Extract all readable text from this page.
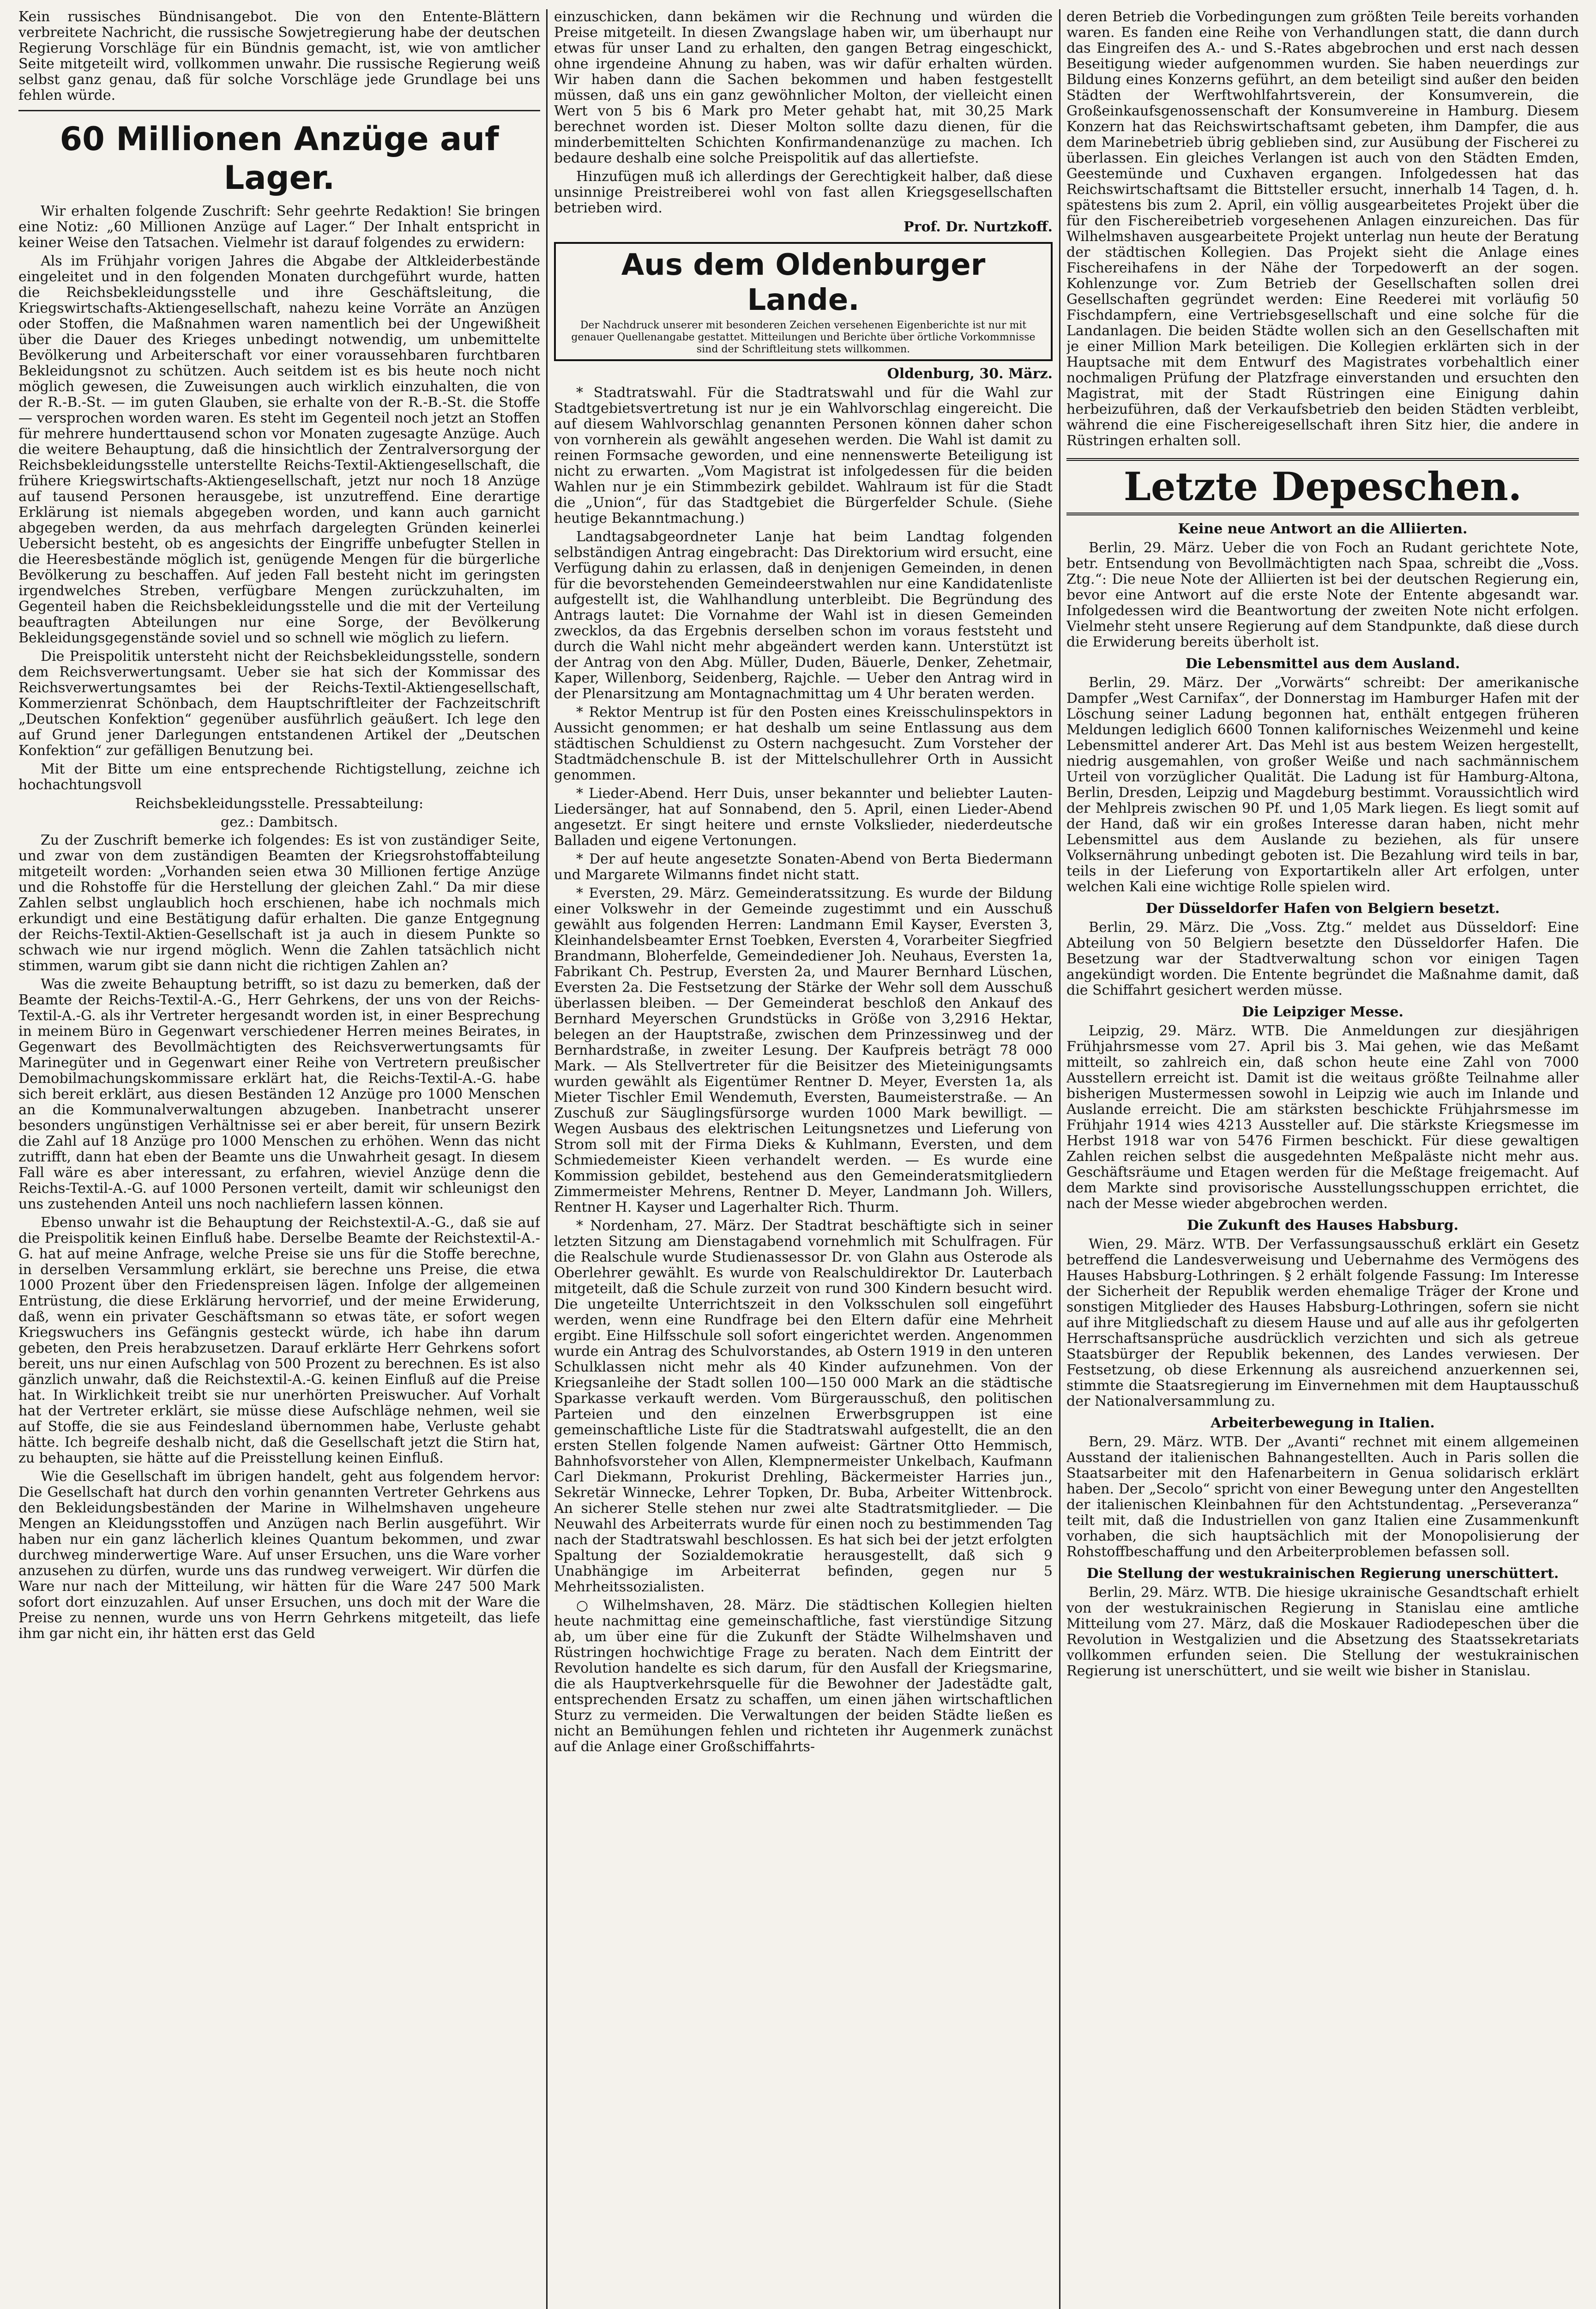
Kein russisches Bündnisangebot. Die von den Entente-Blättern verbreitete Nachricht, die russische Sowjetregierung habe der deutschen Regierung Vorschläge für ein Bündnis gemacht, ist, wie von amtlicher Seite mitgeteilt wird, vollkommen unwahr. Die russische Regierung weiß selbst ganz genau, daß für solche Vorschläge jede Grundlage bei uns fehlen würde.

60 Millionen Anzüge auf Lager.

Wir erhalten folgende Zuschrift: Sehr geehrte Redaktion! Sie bringen eine Notiz: „60 Millionen Anzüge auf Lager.“ Der Inhalt entspricht in keiner Weise den Tatsachen. Vielmehr ist darauf folgendes zu erwidern:

Als im Frühjahr vorigen Jahres die Abgabe der Altkleiderbestände eingeleitet und in den folgenden Monaten durchgeführt wurde, hatten die Reichsbekleidungsstelle und ihre Geschäftsleitung, die Kriegswirtschafts-Aktiengesellschaft, nahezu keine Vorräte an Anzügen oder Stoffen, die Maßnahmen waren namentlich bei der Ungewißheit über die Dauer des Krieges unbedingt notwendig, um unbemittelte Bevölkerung und Arbeiterschaft vor einer voraussehbaren furchtbaren Bekleidungsnot zu schützen. Auch seitdem ist es bis heute noch nicht möglich gewesen, die Zuweisungen auch wirklich einzuhalten, die von der R.-B.-St. — im guten Glauben, sie erhalte von der R.-B.-St. die Stoffe — versprochen worden waren. Es steht im Gegenteil noch jetzt an Stoffen für mehrere hunderttausend schon vor Monaten zugesagte Anzüge. Auch die weitere Behauptung, daß die hinsichtlich der Zentralversorgung der Reichsbekleidungsstelle unterstellte Reichs-Textil-Aktiengesellschaft, die frühere Kriegswirtschafts-Aktiengesellschaft, jetzt nur noch 18 Anzüge auf tausend Personen herausgebe, ist unzutreffend. Eine derartige Erklärung ist niemals abgegeben worden, und kann auch garnicht abgegeben werden, da aus mehrfach dargelegten Gründen keinerlei Uebersicht besteht, ob es angesichts der Eingriffe unbefugter Stellen in die Heeresbestände möglich ist, genügende Mengen für die bürgerliche Bevölkerung zu beschaffen. Auf jeden Fall besteht nicht im geringsten irgendwelches Streben, verfügbare Mengen zurückzuhalten, im Gegenteil haben die Reichsbekleidungsstelle und die mit der Verteilung beauftragten Abteilungen nur eine Sorge, der Bevölkerung Bekleidungsgegenstände soviel und so schnell wie möglich zu liefern.

Die Preispolitik untersteht nicht der Reichsbekleidungsstelle, sondern dem Reichsverwertungsamt. Ueber sie hat sich der Kommissar des Reichsverwertungsamtes bei der Reichs-Textil-Aktiengesellschaft, Kommerzienrat Schönbach, dem Hauptschriftleiter der Fachzeitschrift „Deutschen Konfektion“ gegenüber ausführlich geäußert. Ich lege den auf Grund jener Darlegungen entstandenen Artikel der „Deutschen Konfektion“ zur gefälligen Benutzung bei.

Mit der Bitte um eine entsprechende Richtigstellung, zeichne ich hochachtungsvoll

Reichsbekleidungsstelle. Pressabteilung:
gez.: Dambitsch.

Zu der Zuschrift bemerke ich folgendes: Es ist von zuständiger Seite, und zwar von dem zuständigen Beamten der Kriegsrohstoffabteilung mitgeteilt worden: „Vorhanden seien etwa 30 Millionen fertige Anzüge und die Rohstoffe für die Herstellung der gleichen Zahl.“ Da mir diese Zahlen selbst unglaublich hoch erschienen, habe ich nochmals mich erkundigt und eine Bestätigung dafür erhalten. Die ganze Entgegnung der Reichs-Textil-Aktien-Gesellschaft ist ja auch in diesem Punkte so schwach wie nur irgend möglich. Wenn die Zahlen tatsächlich nicht stimmen, warum gibt sie dann nicht die richtigen Zahlen an?

Was die zweite Behauptung betrifft, so ist dazu zu bemerken, daß der Beamte der Reichs-Textil-A.-G., Herr Gehrkens, der uns von der Reichs-Textil-A.-G. als ihr Vertreter hergesandt worden ist, in einer Besprechung in meinem Büro in Gegenwart verschiedener Herren meines Beirates, in Gegenwart des Bevollmächtigten des Reichsverwertungsamts für Marinegüter und in Gegenwart einer Reihe von Vertretern preußischer Demobilmachungskommissare erklärt hat, die Reichs-Textil-A.-G. habe sich bereit erklärt, aus diesen Beständen 12 Anzüge pro 1000 Menschen an die Kommunalverwaltungen abzugeben. Inanbetracht unserer besonders ungünstigen Verhältnisse sei er aber bereit, für unsern Bezirk die Zahl auf 18 Anzüge pro 1000 Menschen zu erhöhen. Wenn das nicht zutrifft, dann hat eben der Beamte uns die Unwahrheit gesagt. In diesem Fall wäre es aber interessant, zu erfahren, wieviel Anzüge denn die Reichs-Textil-A.-G. auf 1000 Personen verteilt, damit wir schleunigst den uns zustehenden Anteil uns noch nachliefern lassen können.

Ebenso unwahr ist die Behauptung der Reichstextil-A.-G., daß sie auf die Preispolitik keinen Einfluß habe. Derselbe Beamte der Reichstextil-A.-G. hat auf meine Anfrage, welche Preise sie uns für die Stoffe berechne, in derselben Versammlung erklärt, sie berechne uns Preise, die etwa 1000 Prozent über den Friedenspreisen lägen. Infolge der allgemeinen Entrüstung, die diese Erklärung hervorrief, und der meine Erwiderung, daß, wenn ein privater Geschäftsmann so etwas täte, er sofort wegen Kriegswuchers ins Gefängnis gesteckt würde, ich habe ihn darum gebeten, den Preis herabzusetzen. Darauf erklärte Herr Gehrkens sofort bereit, uns nur einen Aufschlag von 500 Prozent zu berechnen. Es ist also gänzlich unwahr, daß die Reichstextil-A.-G. keinen Einfluß auf die Preise hat. In Wirklichkeit treibt sie nur unerhörten Preiswucher. Auf Vorhalt hat der Vertreter erklärt, sie müsse diese Aufschläge nehmen, weil sie auf Stoffe, die sie aus Feindesland übernommen habe, Verluste gehabt hätte. Ich begreife deshalb nicht, daß die Gesellschaft jetzt die Stirn hat, zu behaupten, sie hätte auf die Preisstellung keinen Einfluß.

Wie die Gesellschaft im übrigen handelt, geht aus folgendem hervor: Die Gesellschaft hat durch den vorhin genannten Vertreter Gehrkens aus den Bekleidungsbeständen der Marine in Wilhelmshaven ungeheure Mengen an Kleidungsstoffen und Anzügen nach Berlin ausgeführt. Wir haben nur ein ganz lächerlich kleines Quantum bekommen, und zwar durchweg minderwertige Ware. Auf unser Ersuchen, uns die Ware vorher anzusehen zu dürfen, wurde uns das rundweg verweigert. Wir dürfen die Ware nur nach der Mitteilung, wir hätten für die Ware 247 500 Mark sofort dort einzuzahlen. Auf unser Ersuchen, uns doch mit der Ware die Preise zu nennen, wurde uns von Herrn Gehrkens mitgeteilt, das liefe ihm gar nicht ein, ihr hätten erst das Geld

einzuschicken, dann bekämen wir die Rechnung und würden die Preise mitgeteilt. In diesen Zwangslage haben wir, um überhaupt nur etwas für unser Land zu erhalten, den gangen Betrag eingeschickt, ohne irgendeine Ahnung zu haben, was wir dafür erhalten würden. Wir haben dann die Sachen bekommen und haben festgestellt müssen, daß uns ein ganz gewöhnlicher Molton, der vielleicht einen Wert von 5 bis 6 Mark pro Meter gehabt hat, mit 30,25 Mark berechnet worden ist. Dieser Molton sollte dazu dienen, für die minderbemittelten Schichten Konfirmandenanzüge zu machen. Ich bedaure deshalb eine solche Preispolitik auf das allertiefste.

Hinzufügen muß ich allerdings der Gerechtigkeit halber, daß diese unsinnige Preistreiberei wohl von fast allen Kriegsgesellschaften betrieben wird.

Prof. Dr. Nurtzkoff.
Aus dem Oldenburger Lande.

Der Nachdruck unserer mit besonderen Zeichen versehenen Eigenberichte ist nur mit genauer Quellenangabe gestattet. Mitteilungen und Berichte über örtliche Vorkommnisse sind der Schriftleitung stets willkommen.

Oldenburg, 30. März.

* Stadtratswahl. Für die Stadtratswahl und für die Wahl zur Stadtgebietsvertretung ist nur je ein Wahlvorschlag eingereicht. Die auf diesem Wahlvorschlag genannten Personen können daher schon von vornherein als gewählt angesehen werden. Die Wahl ist damit zu reinen Formsache geworden, und eine nennenswerte Beteiligung ist nicht zu erwarten. „Vom Magistrat ist infolgedessen für die beiden Wahlen nur je ein Stimmbezirk gebildet. Wahlraum ist für die Stadt die „Union“, für das Stadtgebiet die Bürgerfelder Schule. (Siehe heutige Bekanntmachung.)

Landtagsabgeordneter Lanje hat beim Landtag folgenden selbständigen Antrag eingebracht: Das Direktorium wird ersucht, eine Verfügung dahin zu erlassen, daß in denjenigen Gemeinden, in denen für die bevorstehenden Gemeindeerstwahlen nur eine Kandidatenliste aufgestellt ist, die Wahlhandlung unterbleibt. Die Begründung des Antrags lautet: Die Vornahme der Wahl ist in diesen Gemeinden zwecklos, da das Ergebnis derselben schon im voraus feststeht und durch die Wahl nicht mehr abgeändert werden kann. Unterstützt ist der Antrag von den Abg. Müller, Duden, Bäuerle, Denker, Zehetmair, Kaper, Willenborg, Seidenberg, Rajchle. — Ueber den Antrag wird in der Plenarsitzung am Montagnachmittag um 4 Uhr beraten werden.

* Rektor Mentrup ist für den Posten eines Kreisschulinspektors in Aussicht genommen; er hat deshalb um seine Entlassung aus dem städtischen Schuldienst zu Ostern nachgesucht. Zum Vorsteher der Stadtmädchenschule B. ist der Mittelschullehrer Orth in Aussicht genommen.

* Lieder-Abend. Herr Duis, unser bekannter und beliebter Lauten-Liedersänger, hat auf Sonnabend, den 5. April, einen Lieder-Abend angesetzt. Er singt heitere und ernste Volkslieder, niederdeutsche Balladen und eigene Vertonungen.

* Der auf heute angesetzte Sonaten-Abend von Berta Biedermann und Margarete Wilmanns findet nicht statt.

* Eversten, 29. März. Gemeinderatssitzung. Es wurde der Bildung einer Volkswehr in der Gemeinde zugestimmt und ein Ausschuß gewählt aus folgenden Herren: Landmann Emil Kayser, Eversten 3, Kleinhandelsbeamter Ernst Toebken, Eversten 4, Vorarbeiter Siegfried Brandmann, Bloherfelde, Gemeindediener Joh. Neuhaus, Eversten 1a, Fabrikant Ch. Pestrup, Eversten 2a, und Maurer Bernhard Lüschen, Eversten 2a. Die Festsetzung der Stärke der Wehr soll dem Ausschuß überlassen bleiben. — Der Gemeinderat beschloß den Ankauf des Bernhard Meyerschen Grundstücks in Größe von 3,2916 Hektar, belegen an der Hauptstraße, zwischen dem Prinzessinweg und der Bernhardstraße, in zweiter Lesung. Der Kaufpreis beträgt 78 000 Mark. — Als Stellvertreter für die Beisitzer des Mieteinigungsamts wurden gewählt als Eigentümer Rentner D. Meyer, Eversten 1a, als Mieter Tischler Emil Wendemuth, Eversten, Baumeisterstraße. — An Zuschuß zur Säuglingsfürsorge wurden 1000 Mark bewilligt. — Wegen Ausbaus des elektrischen Leitungsnetzes und Lieferung von Strom soll mit der Firma Dieks & Kuhlmann, Eversten, und dem Schmiedemeister Kieen verhandelt werden. — Es wurde eine Kommission gebildet, bestehend aus den Gemeinderatsmitgliedern Zimmermeister Mehrens, Rentner D. Meyer, Landmann Joh. Willers, Rentner H. Kayser und Lagerhalter Rich. Thurm.

* Nordenham, 27. März. Der Stadtrat beschäftigte sich in seiner letzten Sitzung am Dienstagabend vornehmlich mit Schulfragen. Für die Realschule wurde Studienassessor Dr. von Glahn aus Osterode als Oberlehrer gewählt. Es wurde von Realschuldirektor Dr. Lauterbach mitgeteilt, daß die Schule zurzeit von rund 300 Kindern besucht wird. Die ungeteilte Unterrichtszeit in den Volksschulen soll eingeführt werden, wenn eine Rundfrage bei den Eltern dafür eine Mehrheit ergibt. Eine Hilfsschule soll sofort eingerichtet werden. Angenommen wurde ein Antrag des Schulvorstandes, ab Ostern 1919 in den unteren Schulklassen nicht mehr als 40 Kinder aufzunehmen. Von der Kriegsanleihe der Stadt sollen 100—150 000 Mark an die städtische Sparkasse verkauft werden. Vom Bürgerausschuß, den politischen Parteien und den einzelnen Erwerbsgruppen ist eine gemeinschaftliche Liste für die Stadtratswahl aufgestellt, die an den ersten Stellen folgende Namen aufweist: Gärtner Otto Hemmisch, Bahnhofsvorsteher von Allen, Klempnermeister Unkelbach, Kaufmann Carl Diekmann, Prokurist Drehling, Bäckermeister Harries jun., Sekretär Winnecke, Lehrer Topken, Dr. Buba, Arbeiter Wittenbrock. An sicherer Stelle stehen nur zwei alte Stadtratsmitglieder. — Die Neuwahl des Arbeiterrats wurde für einen noch zu bestimmenden Tag nach der Stadtratswahl beschlossen. Es hat sich bei der jetzt erfolgten Spaltung der Sozialdemokratie herausgestellt, daß sich 9 Unabhängige im Arbeiterrat befinden, gegen nur 5 Mehrheitssozialisten.

○ Wilhelmshaven, 28. März. Die städtischen Kollegien hielten heute nachmittag eine gemeinschaftliche, fast vierstündige Sitzung ab, um über eine für die Zukunft der Städte Wilhelmshaven und Rüstringen hochwichtige Frage zu beraten. Nach dem Eintritt der Revolution handelte es sich darum, für den Ausfall der Kriegsmarine, die als Hauptverkehrsquelle für die Bewohner der Jadestädte galt, entsprechenden Ersatz zu schaffen, um einen jähen wirtschaftlichen Sturz zu vermeiden. Die Verwaltungen der beiden Städte ließen es nicht an Bemühungen fehlen und richteten ihr Augenmerk zunächst auf die Anlage einer Großschiffahrts-

deren Betrieb die Vorbedingungen zum größten Teile bereits vorhanden waren. Es fanden eine Reihe von Verhandlungen statt, die dann durch das Eingreifen des A.- und S.-Rates abgebrochen und erst nach dessen Beseitigung wieder aufgenommen wurden. Sie haben neuerdings zur Bildung eines Konzerns geführt, an dem beteiligt sind außer den beiden Städten der Werftwohlfahrtsverein, der Konsumverein, die Großeinkaufsgenossenschaft der Konsumvereine in Hamburg. Diesem Konzern hat das Reichswirtschaftsamt gebeten, ihm Dampfer, die aus dem Marinebetrieb übrig geblieben sind, zur Ausübung der Fischerei zu überlassen. Ein gleiches Verlangen ist auch von den Städten Emden, Geestemünde und Cuxhaven ergangen. Infolgedessen hat das Reichswirtschaftsamt die Bittsteller ersucht, innerhalb 14 Tagen, d. h. spätestens bis zum 2. April, ein völlig ausgearbeitetes Projekt über die für den Fischereibetrieb vorgesehenen Anlagen einzureichen. Das für Wilhelmshaven ausgearbeitete Projekt unterlag nun heute der Beratung der städtischen Kollegien. Das Projekt sieht die Anlage eines Fischereihafens in der Nähe der Torpedowerft an der sogen. Kohlenzunge vor. Zum Betrieb der Gesellschaften sollen drei Gesellschaften gegründet werden: Eine Reederei mit vorläufig 50 Fischdampfern, eine Vertriebsgesellschaft und eine solche für die Landanlagen. Die beiden Städte wollen sich an den Gesellschaften mit je einer Million Mark beteiligen. Die Kollegien erklärten sich in der Hauptsache mit dem Entwurf des Magistrates vorbehaltlich einer nochmaligen Prüfung der Platzfrage einverstanden und ersuchten den Magistrat, mit der Stadt Rüstringen eine Einigung dahin herbeizuführen, daß der Verkaufsbetrieb den beiden Städten verbleibt, während die eine Fischereigesellschaft ihren Sitz hier, die andere in Rüstringen erhalten soll.

Letzte Depeschen.
Keine neue Antwort an die Alliierten.

Berlin, 29. März. Ueber die von Foch an Rudant gerichtete Note, betr. Entsendung von Bevollmächtigten nach Spaa, schreibt die „Voss. Ztg.“: Die neue Note der Alliierten ist bei der deutschen Regierung ein, bevor eine Antwort auf die erste Note der Entente abgesandt war. Infolgedessen wird die Beantwortung der zweiten Note nicht erfolgen. Vielmehr steht unsere Regierung auf dem Standpunkte, daß diese durch die Erwiderung bereits überholt ist.

Die Lebensmittel aus dem Ausland.

Berlin, 29. März. Der „Vorwärts“ schreibt: Der amerikanische Dampfer „West Carnifax“, der Donnerstag im Hamburger Hafen mit der Löschung seiner Ladung begonnen hat, enthält entgegen früheren Meldungen lediglich 6600 Tonnen kalifornisches Weizenmehl und keine Lebensmittel anderer Art. Das Mehl ist aus bestem Weizen hergestellt, niedrig ausgemahlen, von großer Weiße und nach sachmännischem Urteil von vorzüglicher Qualität. Die Ladung ist für Hamburg-Altona, Berlin, Dresden, Leipzig und Magdeburg bestimmt. Voraussichtlich wird der Mehlpreis zwischen 90 Pf. und 1,05 Mark liegen. Es liegt somit auf der Hand, daß wir ein großes Interesse daran haben, nicht mehr Lebensmittel aus dem Auslande zu beziehen, als für unsere Volksernährung unbedingt geboten ist. Die Bezahlung wird teils in bar, teils in der Lieferung von Exportartikeln aller Art erfolgen, unter welchen Kali eine wichtige Rolle spielen wird.

Der Düsseldorfer Hafen von Belgiern besetzt.

Berlin, 29. März. Die „Voss. Ztg.“ meldet aus Düsseldorf: Eine Abteilung von 50 Belgiern besetzte den Düsseldorfer Hafen. Die Besetzung war der Stadtverwaltung schon vor einigen Tagen angekündigt worden. Die Entente begründet die Maßnahme damit, daß die Schiffahrt gesichert werden müsse.

Die Leipziger Messe.

Leipzig, 29. März. WTB. Die Anmeldungen zur diesjährigen Frühjahrsmesse vom 27. April bis 3. Mai gehen, wie das Meßamt mitteilt, so zahlreich ein, daß schon heute eine Zahl von 7000 Ausstellern erreicht ist. Damit ist die weitaus größte Teilnahme aller bisherigen Mustermessen sowohl in Leipzig wie auch im Inlande und Auslande erreicht. Die am stärksten beschickte Frühjahrsmesse im Frühjahr 1914 wies 4213 Aussteller auf. Die stärkste Kriegsmesse im Herbst 1918 war von 5476 Firmen beschickt. Für diese gewaltigen Zahlen reichen selbst die ausgedehnten Meßpaläste nicht mehr aus. Geschäftsräume und Etagen werden für die Meßtage freigemacht. Auf dem Markte sind provisorische Ausstellungsschuppen errichtet, die nach der Messe wieder abgebrochen werden.

Die Zukunft des Hauses Habsburg.

Wien, 29. März. WTB. Der Verfassungsausschuß erklärt ein Gesetz betreffend die Landesverweisung und Uebernahme des Vermögens des Hauses Habsburg-Lothringen. § 2 erhält folgende Fassung: Im Interesse der Sicherheit der Republik werden ehemalige Träger der Krone und sonstigen Mitglieder des Hauses Habsburg-Lothringen, sofern sie nicht auf ihre Mitgliedschaft zu diesem Hause und auf alle aus ihr gefolgerten Herrschaftsansprüche ausdrücklich verzichten und sich als getreue Staatsbürger der Republik bekennen, des Landes verwiesen. Der Festsetzung, ob diese Erkennung als ausreichend anzuerkennen sei, stimmte die Staatsregierung im Einvernehmen mit dem Hauptausschuß der Nationalversammlung zu.

Arbeiterbewegung in Italien.

Bern, 29. März. WTB. Der „Avanti“ rechnet mit einem allgemeinen Ausstand der italienischen Bahnangestellten. Auch in Paris sollen die Staatsarbeiter mit den Hafenarbeitern in Genua solidarisch erklärt haben. Der „Secolo“ spricht von einer Bewegung unter den Angestellten der italienischen Kleinbahnen für den Achtstundentag. „Perseveranza“ teilt mit, daß die Industriellen von ganz Italien eine Zusammenkunft vorhaben, die sich hauptsächlich mit der Monopolisierung der Rohstoffbeschaffung und den Arbeiterproblemen befassen soll.

Die Stellung der westukrainischen Regierung unerschüttert.

Berlin, 29. März. WTB. Die hiesige ukrainische Gesandtschaft erhielt von der westukrainischen Regierung in Stanislau eine amtliche Mitteilung vom 27. März, daß die Moskauer Radiodepeschen über die Revolution in Westgalizien und die Absetzung des Staatssekretariats vollkommen erfunden seien. Die Stellung der westukrainischen Regierung ist unerschüttert, und sie weilt wie bisher in Stanislau.
